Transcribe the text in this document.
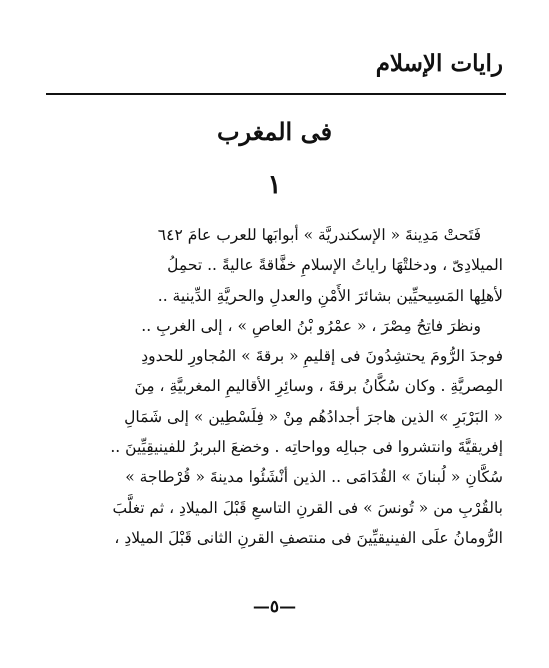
رايات الإسلام
فى المغرب
١
فَتَحتْ مَدِينةَ « الإسكندريَّة » أبوابَها للعرب عامَ ٦٤٢
الميلادِىّ ، ودخلتْهَا راياتُ الإسلامِ خفَّاقةً عاليةً .. تحمِلُ
لأهلِها المَسِيحيِّين بشائرَ الأَمْنِ والعدلِ والحريَّةِ الدِّينية ..
ونظرَ فاتِحُ مِصْرَ ، « عمْرُو بْنُ العاصِ » ، إلى الغربِ ..
فوجدَ الرُّومَ يحتشِدُونَ فى إقليمِ « برقةَ » المُجاورِ للحدودِ
المِصريَّةِ . وكان سُكَّانُ برقةَ ، وسائِرِ الأقاليمِ المغربيَّةِ ، مِنَ
« البَرْبَرِ » الذين هاجرَ أجدادُهُم مِنْ « فِلَسْطِين » إلى شَمَالِ
إفريقيَّةَ وانتشروا فى جبالِه وواحاتِه . وخضعَ البربرُ للفينيقِيِّينَ ..
سُكَّانِ « لُبنانَ » القُدَامَى .. الذين أنْشَئُوا مدينةَ « قُرْطاجة »
بالقُرْبِ من « تُونسَ » فى القرنِ التاسعِ قَبْلَ الميلادِ ، ثم تغلَّبَ
الرُّومانُ علَى الفينيقيِّينَ فى منتصفِ القرنِ الثانى قَبْلَ الميلادِ ،
—٥—
